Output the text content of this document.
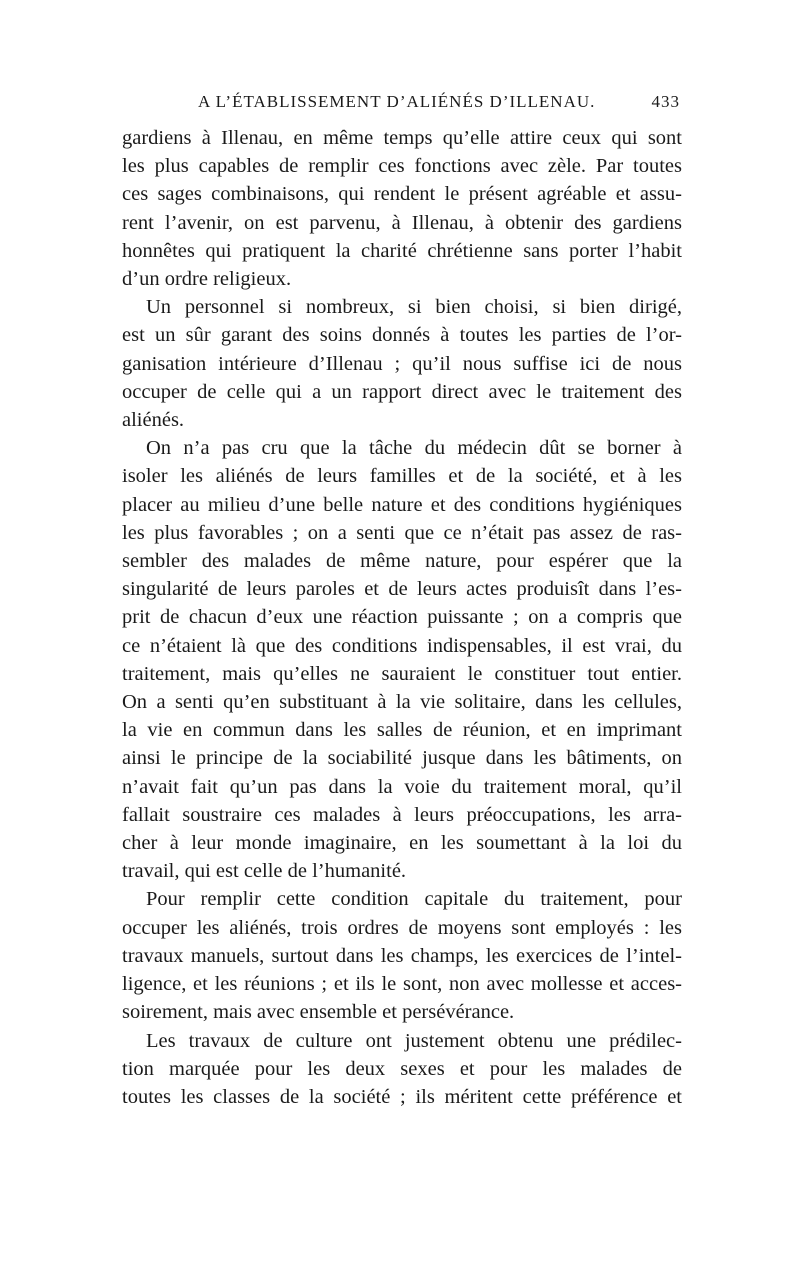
A L’ÉTABLISSEMENT D’ALIÉNÉS D’ILLENAU.	433
gardiens à Illenau, en même temps qu’elle attire ceux qui sont
les plus capables de remplir ces fonctions avec zèle. Par toutes
ces sages combinaisons, qui rendent le présent agréable et assu-
rent l’avenir, on est parvenu, à Illenau, à obtenir des gardiens
honnêtes qui pratiquent la charité chrétienne sans porter l’habit
d’un ordre religieux.
Un personnel si nombreux, si bien choisi, si bien dirigé,
est un sûr garant des soins donnés à toutes les parties de l’or-
ganisation intérieure d’Illenau ; qu’il nous suffise ici de nous
occuper de celle qui a un rapport direct avec le traitement des
aliénés.
On n’a pas cru que la tâche du médecin dût se borner à
isoler les aliénés de leurs familles et de la société, et à les
placer au milieu d’une belle nature et des conditions hygiéniques
les plus favorables ; on a senti que ce n’était pas assez de ras-
sembler des malades de même nature, pour espérer que la
singularité de leurs paroles et de leurs actes produisît dans l’es-
prit de chacun d’eux une réaction puissante ; on a compris que
ce n’étaient là que des conditions indispensables, il est vrai, du
traitement, mais qu’elles ne sauraient le constituer tout entier.
On a senti qu’en substituant à la vie solitaire, dans les cellules,
la vie en commun dans les salles de réunion, et en imprimant
ainsi le principe de la sociabilité jusque dans les bâtiments, on
n’avait fait qu’un pas dans la voie du traitement moral, qu’il
fallait soustraire ces malades à leurs préoccupations, les arra-
cher à leur monde imaginaire, en les soumettant à la loi du
travail, qui est celle de l’humanité.
Pour remplir cette condition capitale du traitement, pour
occuper les aliénés, trois ordres de moyens sont employés : les
travaux manuels, surtout dans les champs, les exercices de l’intel-
ligence, et les réunions ; et ils le sont, non avec mollesse et acces-
soirement, mais avec ensemble et persévérance.
Les travaux de culture ont justement obtenu une prédilec-
tion marquée pour les deux sexes et pour les malades de
toutes les classes de la société ; ils méritent cette préférence et
